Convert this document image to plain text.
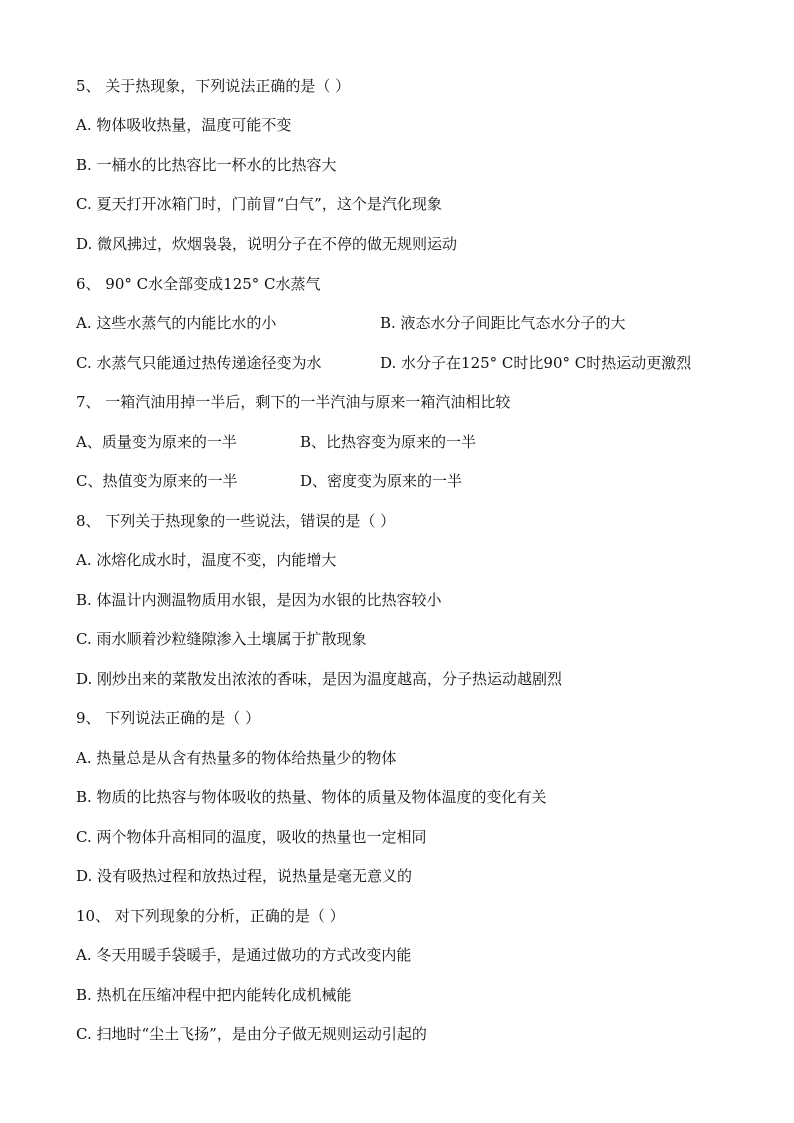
5、 关于热现象，下列说法正确的是（ ）
A. 物体吸收热量，温度可能不变
B. 一桶水的比热容比一杯水的比热容大
C. 夏天打开冰箱门时，门前冒“白气”，这个是汽化现象
D. 微风拂过，炊烟袅袅，说明分子在不停的做无规则运动
6、 90° C水全部变成125° C水蒸气
A. 这些水蒸气的内能比水的小	B. 液态水分子间距比气态水分子的大
C. 水蒸气只能通过热传递途径变为水	D. 水分子在125° C时比90° C时热运动更激烈
7、 一箱汽油用掉一半后，剩下的一半汽油与原来一箱汽油相比较
A、质量变为原来的一半	B、比热容变为原来的一半
C、热值变为原来的一半	D、密度变为原来的一半
8、 下列关于热现象的一些说法，错误的是（ ）
A. 冰熔化成水时，温度不变，内能增大
B. 体温计内测温物质用水银，是因为水银的比热容较小
C. 雨水顺着沙粒缝隙渗入土壤属于扩散现象
D. 刚炒出来的菜散发出浓浓的香味，是因为温度越高，分子热运动越剧烈
9、 下列说法正确的是（ ）
A. 热量总是从含有热量多的物体给热量少的物体
B. 物质的比热容与物体吸收的热量、物体的质量及物体温度的变化有关
C. 两个物体升高相同的温度，吸收的热量也一定相同
D. 没有吸热过程和放热过程，说热量是毫无意义的
10、 对下列现象的分析，正确的是（ ）
A. 冬天用暖手袋暖手，是通过做功的方式改变内能
B. 热机在压缩冲程中把内能转化成机械能
C. 扫地时“尘土飞扬”，是由分子做无规则运动引起的
